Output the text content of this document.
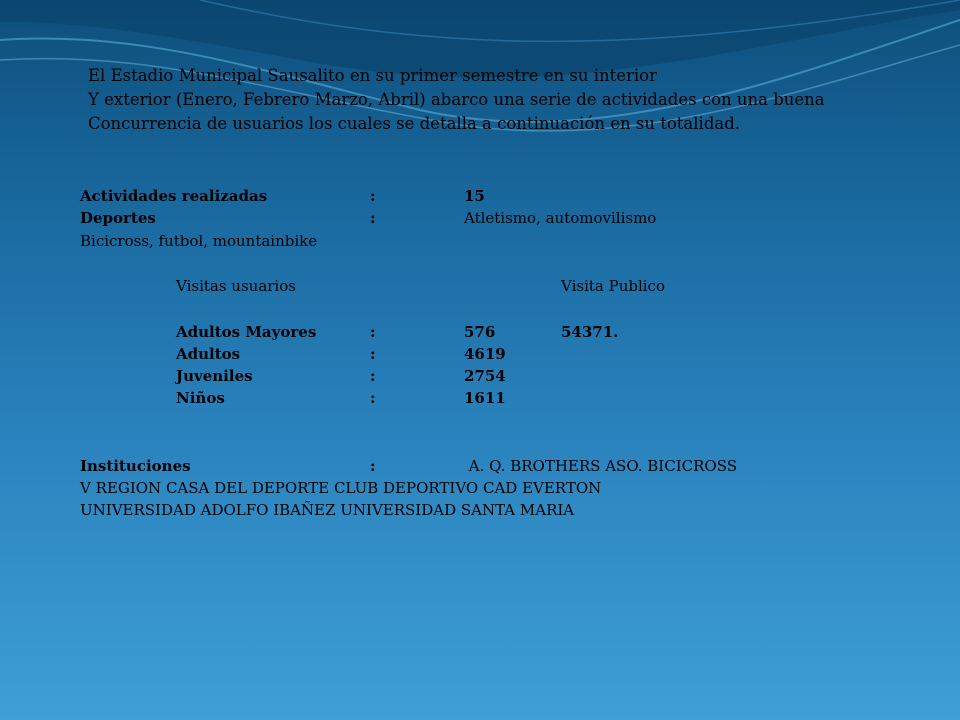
El Estadio Municipal Sausalito en su primer semestre en su interior
Y exterior (Enero, Febrero Marzo, Abril) abarco una serie de actividades con una buena
Concurrencia de usuarios los cuales se detalla a continuación en su totalidad.
Actividades realizadas	:	15
Deportes	:	Atletismo, automovilismo
Bicicross, futbol, mountainbike
Visitas usuarios	Visita Publico
Adultos Mayores	:	576	54371.
Adultos	:	4619
Juveniles	:	2754
Niños	:	1611
Instituciones	:	A. Q. BROTHERS ASO. BICICROSS
V REGION CASA DEL DEPORTE CLUB DEPORTIVO CAD EVERTON
UNIVERSIDAD ADOLFO IBAÑEZ UNIVERSIDAD SANTA MARIA
